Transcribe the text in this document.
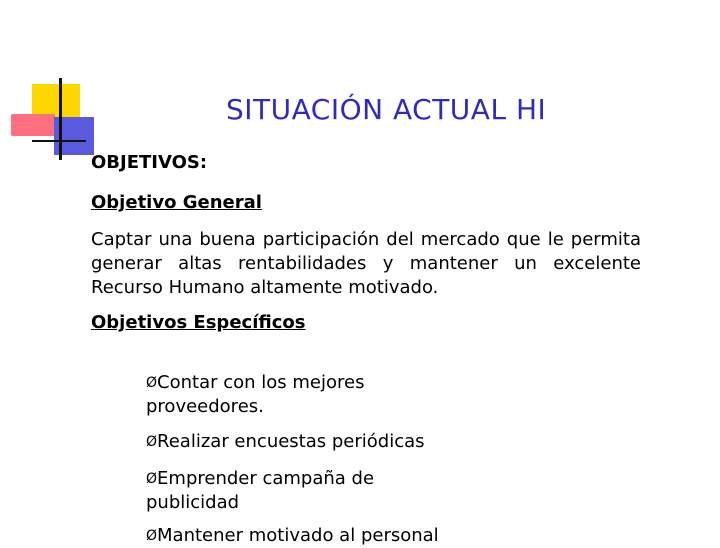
SITUACIÓN ACTUAL HI
OBJETIVOS:
Objetivo General
Captar una buena participación del mercado que le permita generar altas rentabilidades y mantener un excelente Recurso Humano altamente motivado.
Objetivos Específicos
ØContar con los mejores proveedores.
ØRealizar encuestas periódicas
ØEmprender campaña de publicidad
ØMantener motivado al personal
